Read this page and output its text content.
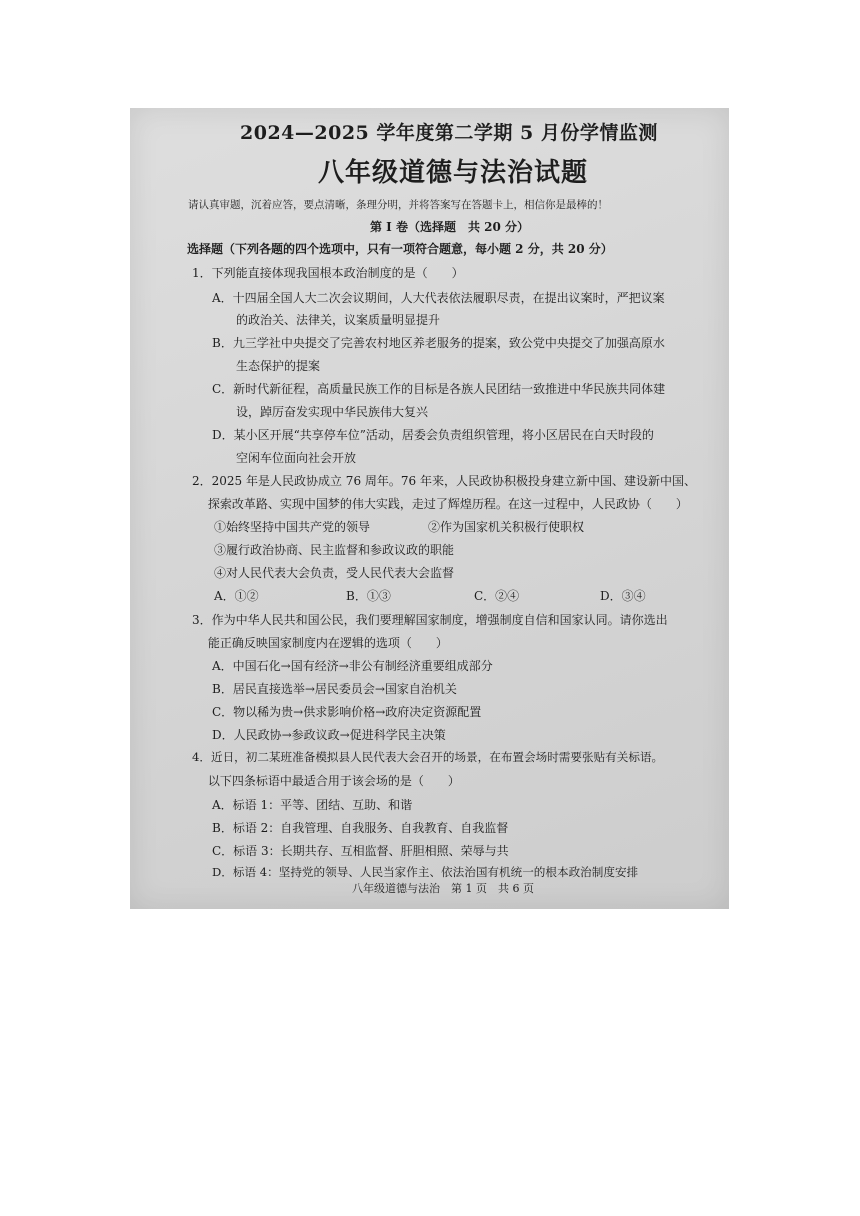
2024—2025 学年度第二学期 5 月份学情监测
八年级道德与法治试题
请认真审题，沉着应答，要点清晰，条理分明，并将答案写在答题卡上，相信你是最棒的！
第 I 卷（选择题　共 20 分）
选择题（下列各题的四个选项中，只有一项符合题意，每小题 2 分，共 20 分）
1．下列能直接体现我国根本政治制度的是（　　）
A．十四届全国人大二次会议期间，人大代表依法履职尽责，在提出议案时，严把议案
　　的政治关、法律关，议案质量明显提升
B．九三学社中央提交了完善农村地区养老服务的提案，致公党中央提交了加强高原水
　　生态保护的提案
C．新时代新征程，高质量民族工作的目标是各族人民团结一致推进中华民族共同体建
　　设，踔厉奋发实现中华民族伟大复兴
D．某小区开展“共享停车位”活动，居委会负责组织管理，将小区居民在白天时段的
　　空闲车位面向社会开放
2．2025 年是人民政协成立 76 周年。76 年来，人民政协积极投身建立新中国、建设新中国、
　 探索改革路、实现中国梦的伟大实践，走过了辉煌历程。在这一过程中，人民政协（　　）
①始终坚持中国共产党的领导	②作为国家机关积极行使职权
③履行政治协商、民主监督和参政议政的职能
④对人民代表大会负责，受人民代表大会监督
A．①②	B．①③	C．②④	D．③④
3．作为中华人民共和国公民，我们要理解国家制度，增强制度自信和国家认同。请你选出
　 能正确反映国家制度内在逻辑的选项（　　）
A．中国石化→国有经济→非公有制经济重要组成部分
B．居民直接选举→居民委员会→国家自治机关
C．物以稀为贵→供求影响价格→政府决定资源配置
D．人民政协→参政议政→促进科学民主决策
4．近日，初二某班准备模拟县人民代表大会召开的场景，在布置会场时需要张贴有关标语。
　 以下四条标语中最适合用于该会场的是（　　）
A．标语 1：平等、团结、互助、和谐
B．标语 2：自我管理、自我服务、自我教育、自我监督
C．标语 3：长期共存、互相监督、肝胆相照、荣辱与共
D．标语 4：坚持党的领导、人民当家作主、依法治国有机统一的根本政治制度安排
八年级道德与法治　第 1 页　共 6 页
